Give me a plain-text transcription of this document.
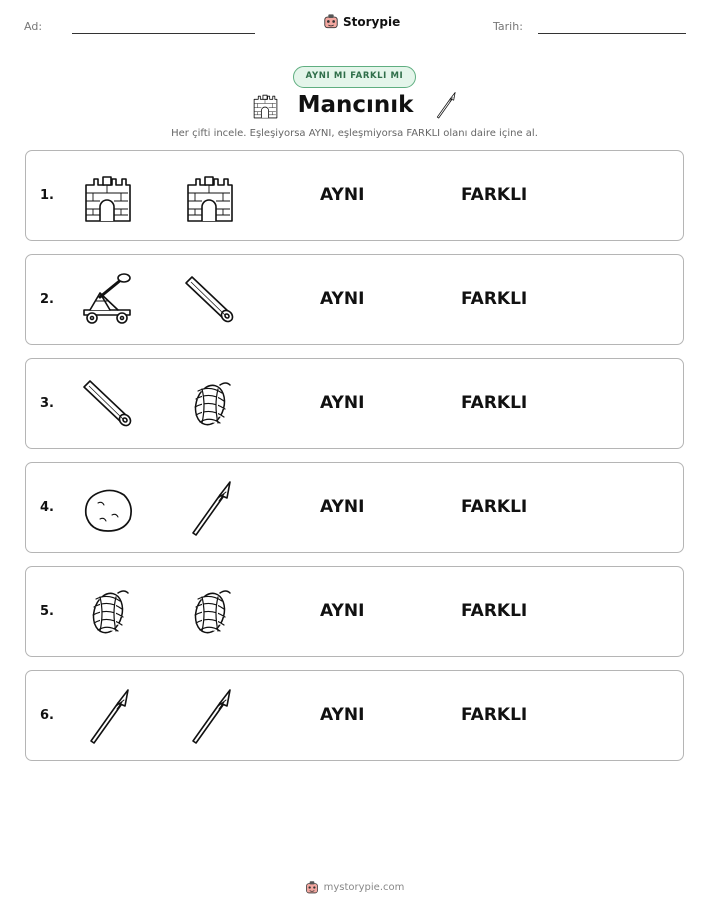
Ad:	Storypie	Tarih:
AYNI MI FARKLI MI
Mancınık
Her çifti incele. Eşleşiyorsa AYNI, eşleşmiyorsa FARKLI olanı daire içine al.
1.	AYNI	FARKLI
2.	AYNI	FARKLI
3.	AYNI	FARKLI
4.	AYNI	FARKLI
5.	AYNI	FARKLI
6.	AYNI	FARKLI
mystorypie.com
